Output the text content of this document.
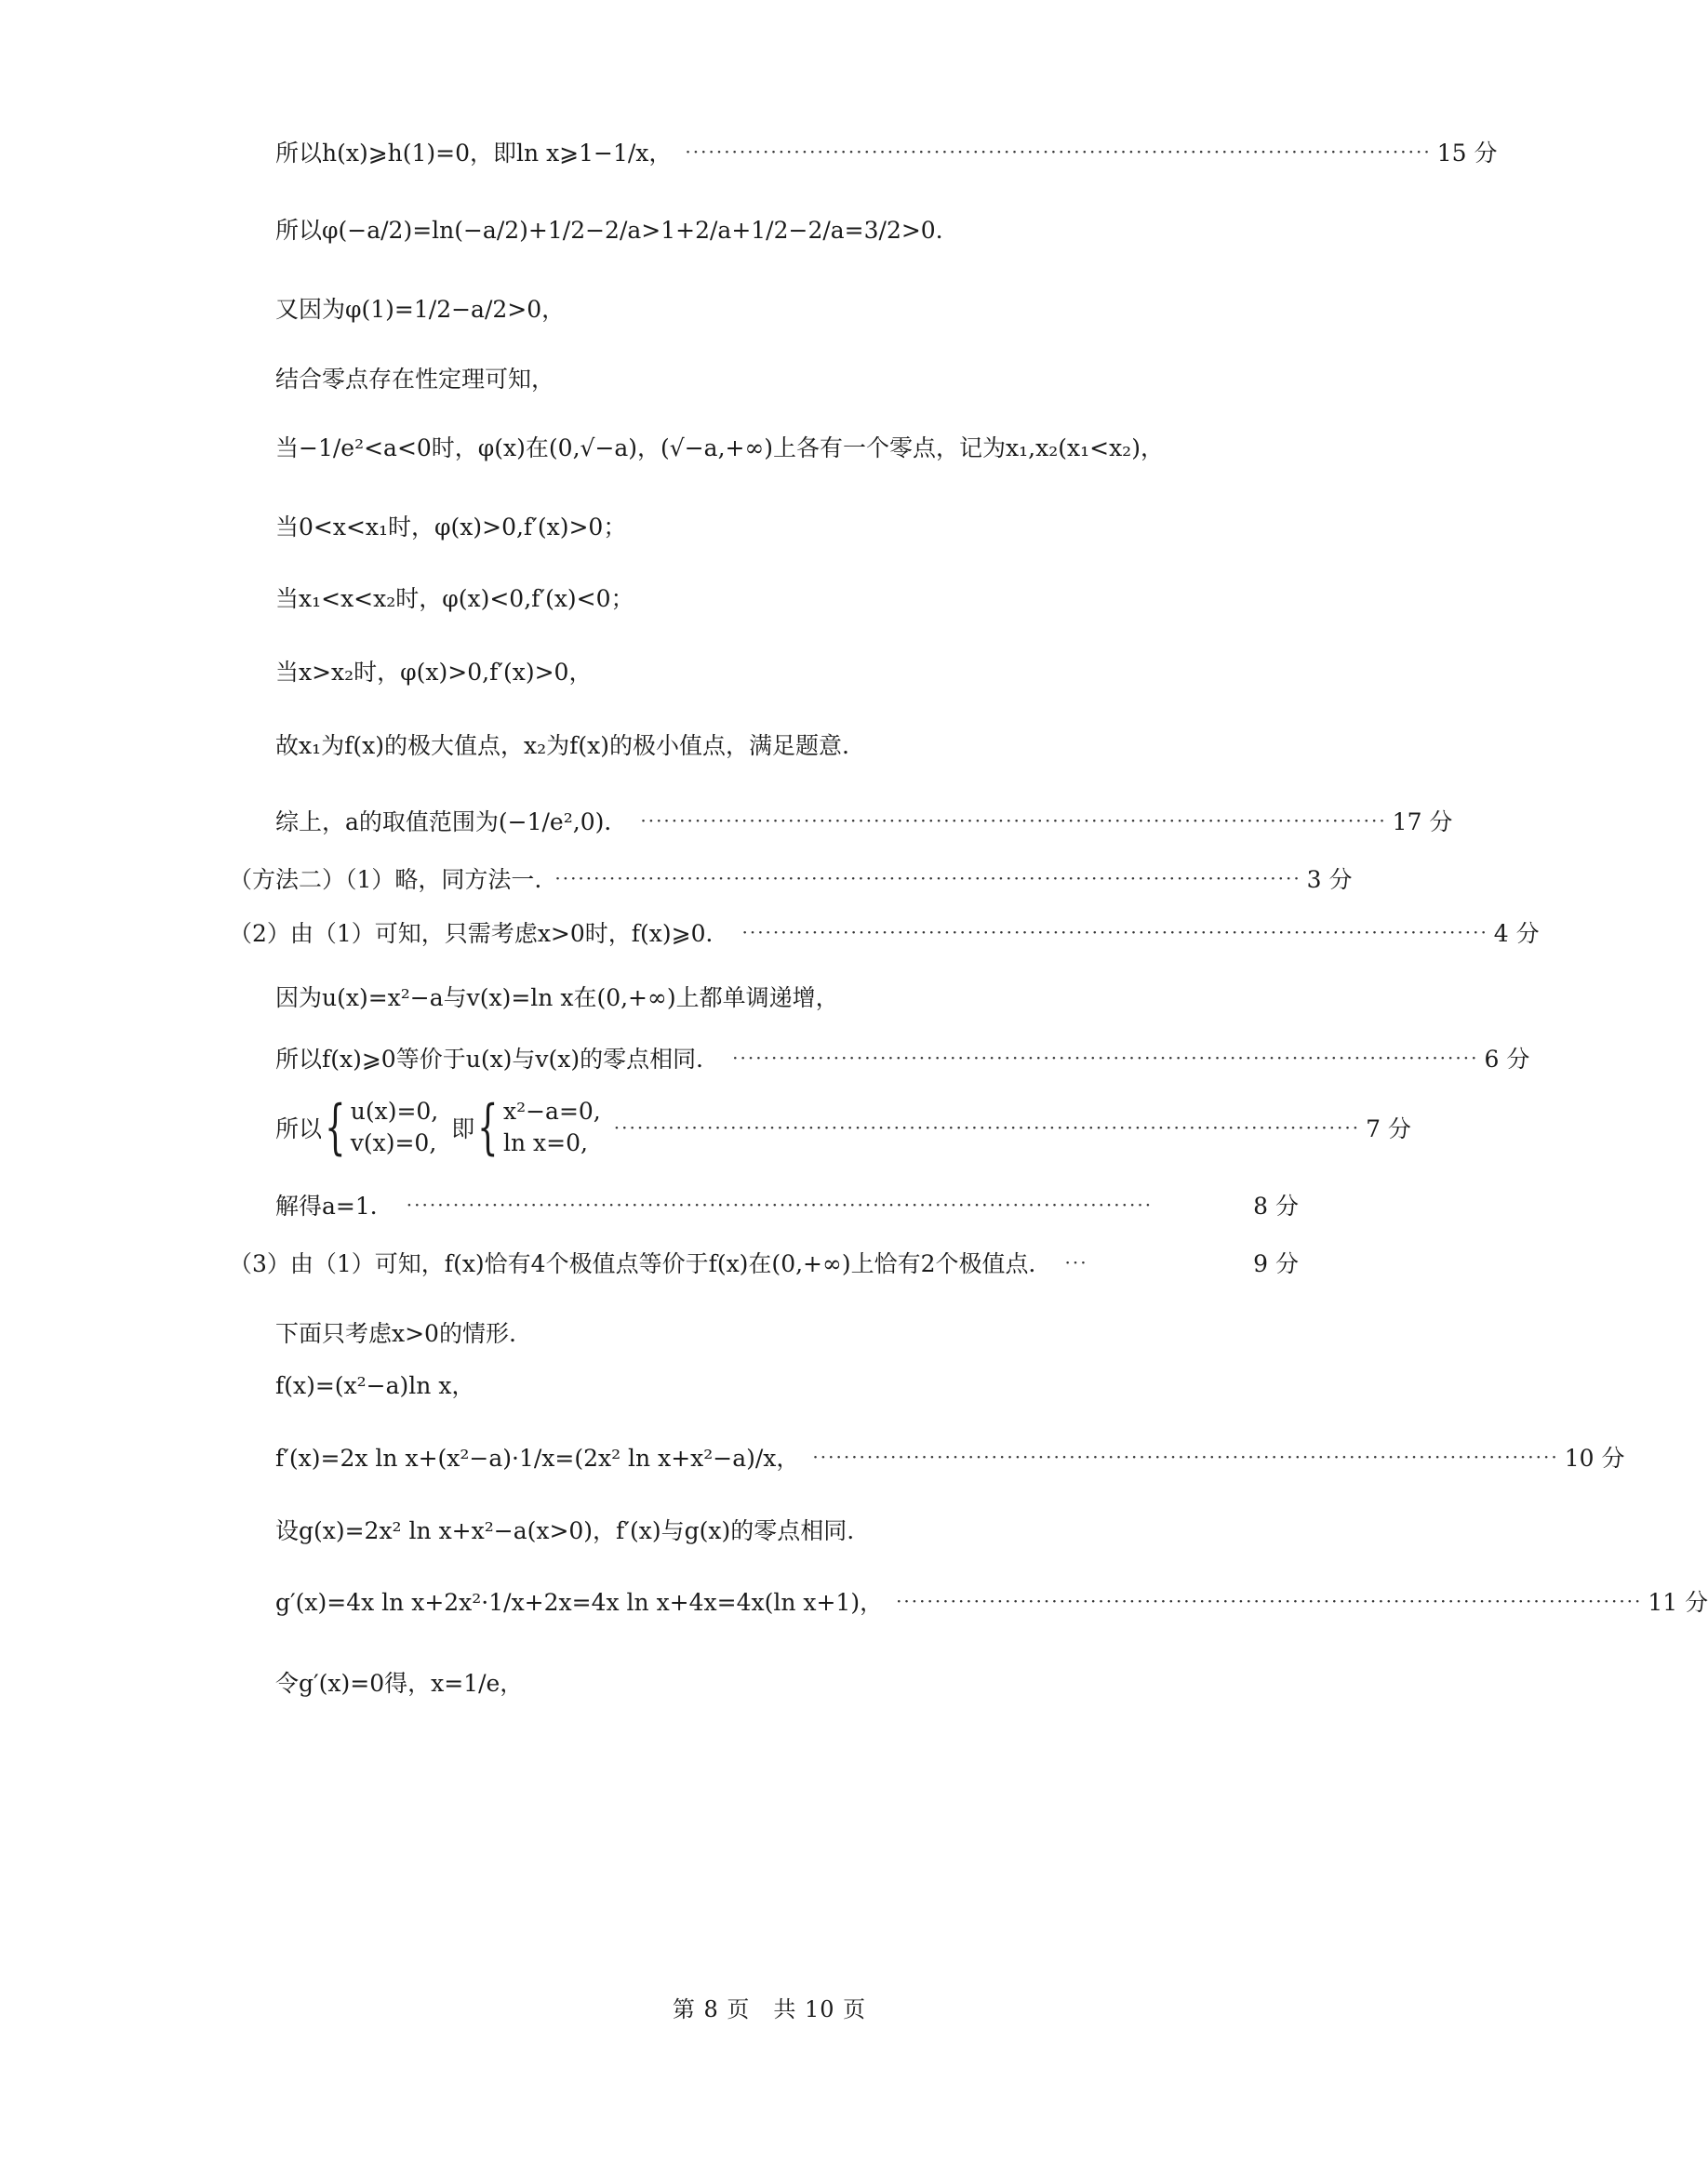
所以h(x)⩾h(1)=0，即ln x⩾1−1/x， ································································································ 15 分
所以φ(−a/2)=ln(−a/2)+1/2−2/a>1+2/a+1/2−2/a=3/2>0．
又因为φ(1)=1/2−a/2>0，
结合零点存在性定理可知，
当−1/e²<a<0时，φ(x)在(0,√−a)，(√−a,+∞)上各有一个零点，记为x₁,x₂(x₁<x₂)，
当0<x<x₁时，φ(x)>0,f′(x)>0；
当x₁<x<x₂时，φ(x)<0,f′(x)<0；
当x>x₂时，φ(x)>0,f′(x)>0，
故x₁为f(x)的极大值点，x₂为f(x)的极小值点，满足题意.
综上，a的取值范围为(−1/e²,0)． ································································································ 17 分
（方法二）（1）略，同方法一. ································································································ 3 分
（2）由（1）可知，只需考虑x>0时，f(x)⩾0． ································································································ 4 分
因为u(x)=x²−a与v(x)=ln x在(0,+∞)上都单调递增，
所以f(x)⩾0等价于u(x)与v(x)的零点相同． ································································································ 6 分
所以 { u(x)=0,
v(x)=0,
即 { x²−a=0,
ln x=0,
································································································ 7 分
解得a=1． ································································································	8 分
（3）由（1）可知，f(x)恰有4个极值点等价于f(x)在(0,+∞)上恰有2个极值点． ···	9 分
下面只考虑x>0的情形.
f(x)=(x²−a)ln x，
f′(x)=2x ln x+(x²−a)·1/x=(2x² ln x+x²−a)/x， ································································································ 10 分
设g(x)=2x² ln x+x²−a(x>0)，f′(x)与g(x)的零点相同.
g′(x)=4x ln x+2x²·1/x+2x=4x ln x+4x=4x(ln x+1)， ································································································ 11 分
令g′(x)=0得，x=1/e，
第 8 页　共 10 页
